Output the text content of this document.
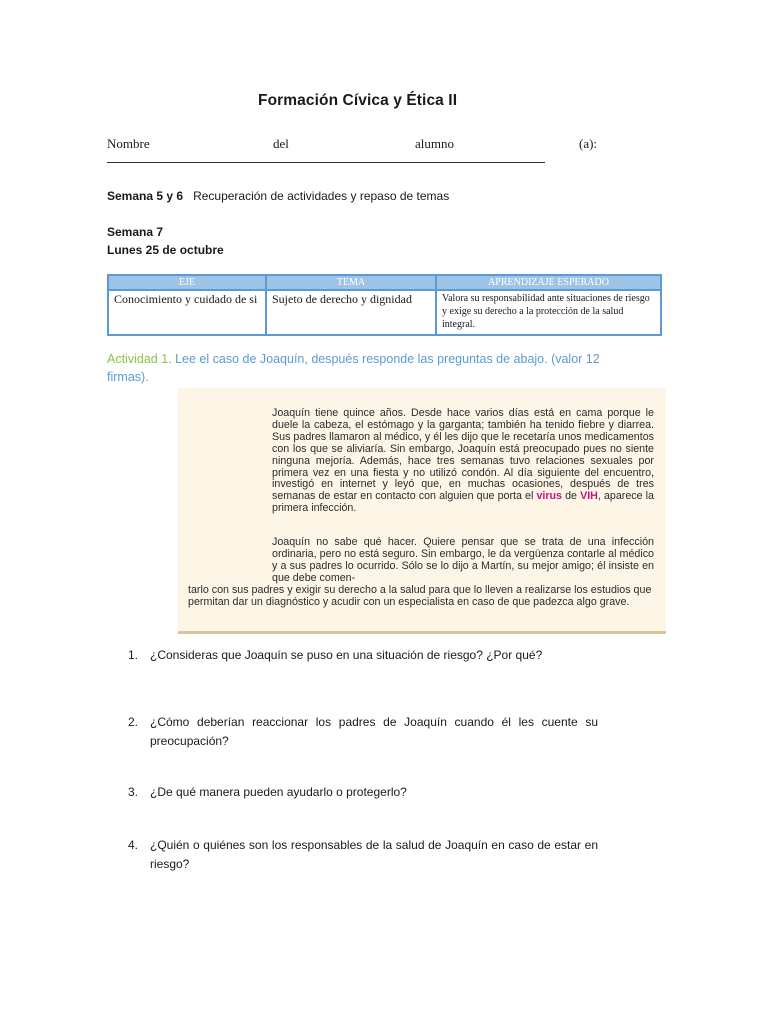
Formación Cívica y Ética II
Nombre	del	alumno	(a):
Semana 5 y 6 Recuperación de actividades y repaso de temas
Semana 7
Lunes 25 de octubre
EJE	TEMA	APRENDIZAJE ESPERADO
Conocimiento y cuidado de si	Sujeto de derecho y dignidad	Valora su responsabilidad ante situaciones de riesgo y exige su derecho a la protección de la salud integral.
Actividad 1. Lee el caso de Joaquín, después responde las preguntas de abajo. (valor 12 firmas).
Joaquín tiene quince años. Desde hace varios días está en cama porque le duele la cabeza, el estómago y la garganta; también ha tenido fiebre y diarrea. Sus padres llamaron al médico, y él les dijo que le recetaría unos medicamentos con los que se aliviaría. Sin embargo, Joaquín está preocupado pues no siente ninguna mejoría. Además, hace tres semanas tuvo relaciones sexuales por primera vez en una fiesta y no utilizó condón. Al día siguiente del encuentro, investigó en internet y leyó que, en muchas ocasiones, después de tres semanas de estar en contacto con alguien que porta el virus de VIH, aparece la primera infección.
Joaquín no sabe qué hacer. Quiere pensar que se trata de una infección ordinaria, pero no está seguro. Sin embargo, le da vergüenza contarle al médico y a sus padres lo ocurrido. Sólo se lo dijo a Martín, su mejor amigo; él insiste en que debe comen-
tarlo con sus padres y exigir su derecho a la salud para que lo lleven a realizarse los estudios que permitan dar un diagnóstico y acudir con un especialista en caso de que padezca algo grave.
1. ¿Consideras que Joaquín se puso en una situación de riesgo? ¿Por qué?
2. ¿Cómo deberían reaccionar los padres de Joaquín cuando él les cuente su preocupación?
3. ¿De qué manera pueden ayudarlo o protegerlo?
4. ¿Quién o quiénes son los responsables de la salud de Joaquín en caso de estar en riesgo?
